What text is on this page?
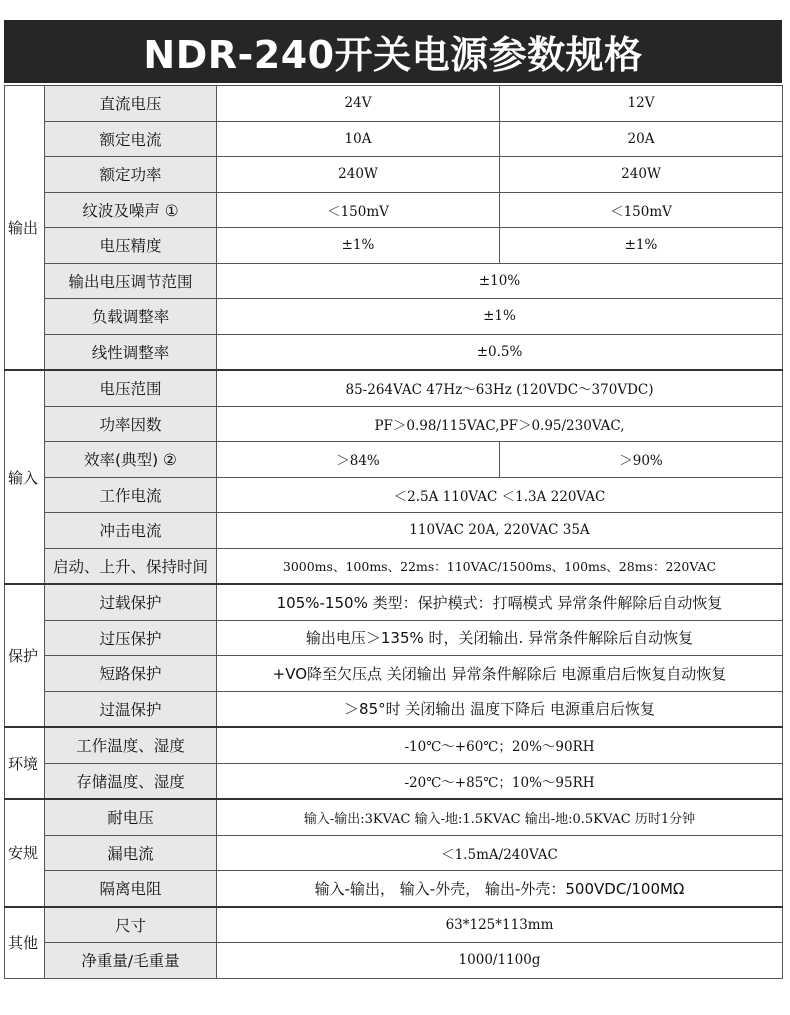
NDR-240开关电源参数规格
输出	直流电压	24V	12V
	额定电流	10A	20A
	额定功率	240W	240W
	纹波及噪声 ①	＜150mV	＜150mV
	电压精度	±1%	±1%
	输出电压调节范围	±10%	
	负载调整率	±1%	
	线性调整率	±0.5%	
输入	电压范围	85-264VAC 47Hz～63Hz (120VDC～370VDC)	
	功率因数	PF＞0.98/115VAC,PF＞0.95/230VAC,	
	效率(典型) ②	＞84%	＞90%
	工作电流	＜2.5A 110VAC ＜1.3A 220VAC	
	冲击电流	110VAC 20A, 220VAC 35A	
	启动、上升、保持时间	3000ms、100ms、22ms：110VAC/1500ms、100ms、28ms：220VAC	
保护	过载保护	105%-150% 类型：保护模式：打嗝模式 异常条件解除后自动恢复	
	过压保护	输出电压＞135% 时，关闭输出. 异常条件解除后自动恢复	
	短路保护	+VO降至欠压点 关闭输出 异常条件解除后 电源重启后恢复自动恢复	
	过温保护	＞85°时 关闭输出 温度下降后 电源重启后恢复	
环境	工作温度、湿度	-10℃～+60℃；20%～90RH	
	存储温度、湿度	-20℃～+85℃；10%～95RH	
安规	耐电压	输入-输出:3KVAC 输入-地:1.5KVAC 输出-地:0.5KVAC 历时1分钟	
	漏电流	＜1.5mA/240VAC	
	隔离电阻	输入-输出， 输入-外壳， 输出-外壳：500VDC/100MΩ	
其他	尺寸	63*125*113mm	
	净重量/毛重量	1000/1100g	
